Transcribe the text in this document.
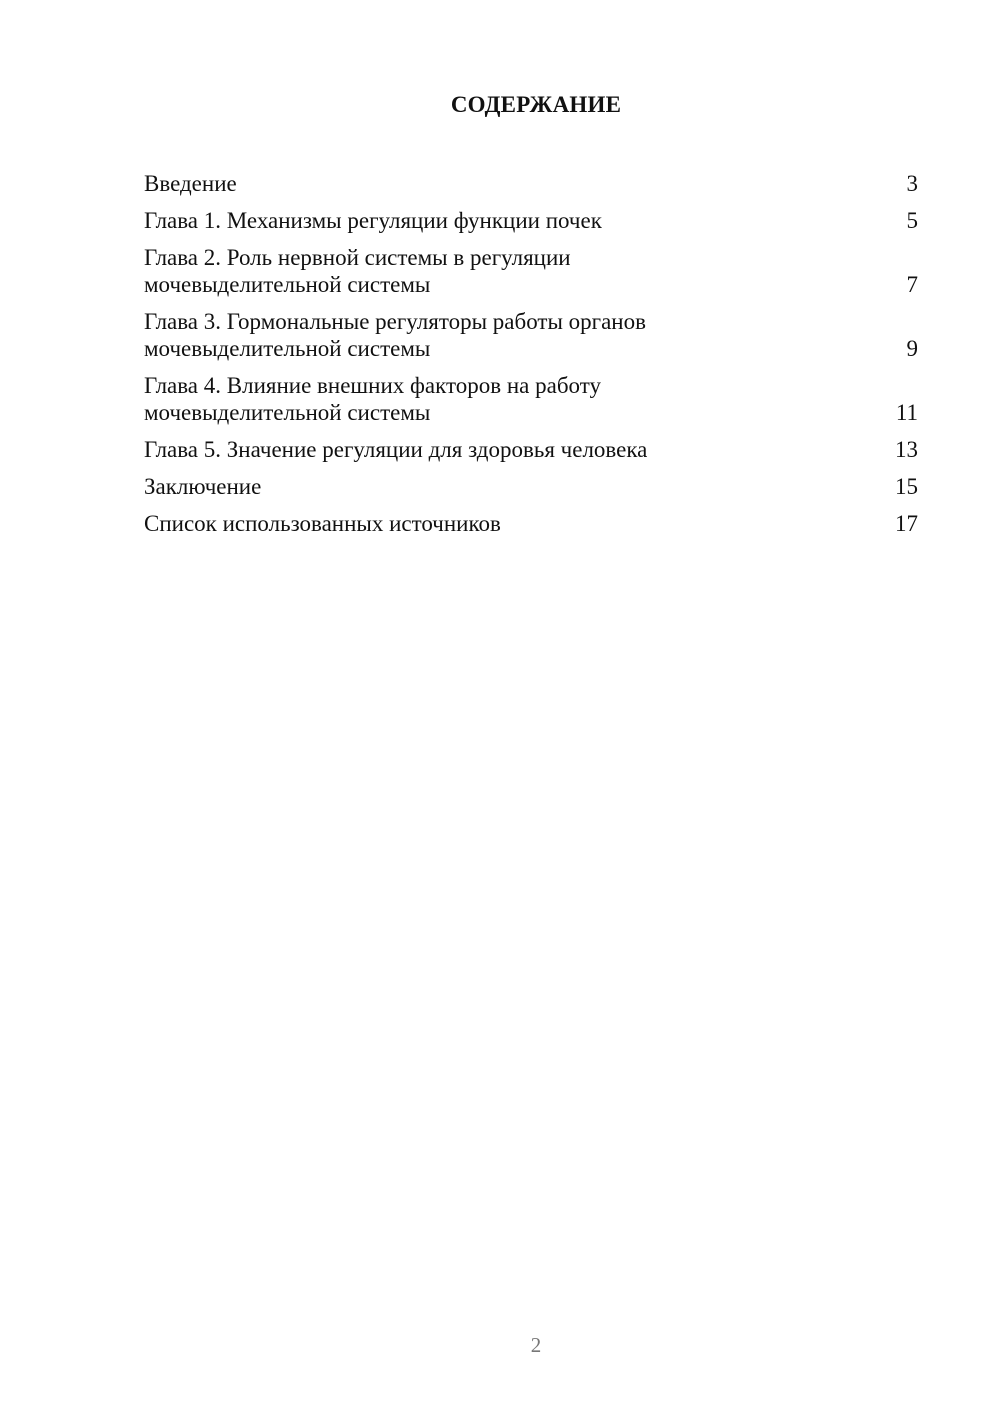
СОДЕРЖАНИЕ
Введение	3
Глава 1. Механизмы регуляции функции почек	5
Глава 2. Роль нервной системы в регуляции мочевыделительной системы	7
Глава 3. Гормональные регуляторы работы органов мочевыделительной системы	9
Глава 4. Влияние внешних факторов на работу мочевыделительной системы	11
Глава 5. Значение регуляции для здоровья человека	13
Заключение	15
Список использованных источников	17
2
